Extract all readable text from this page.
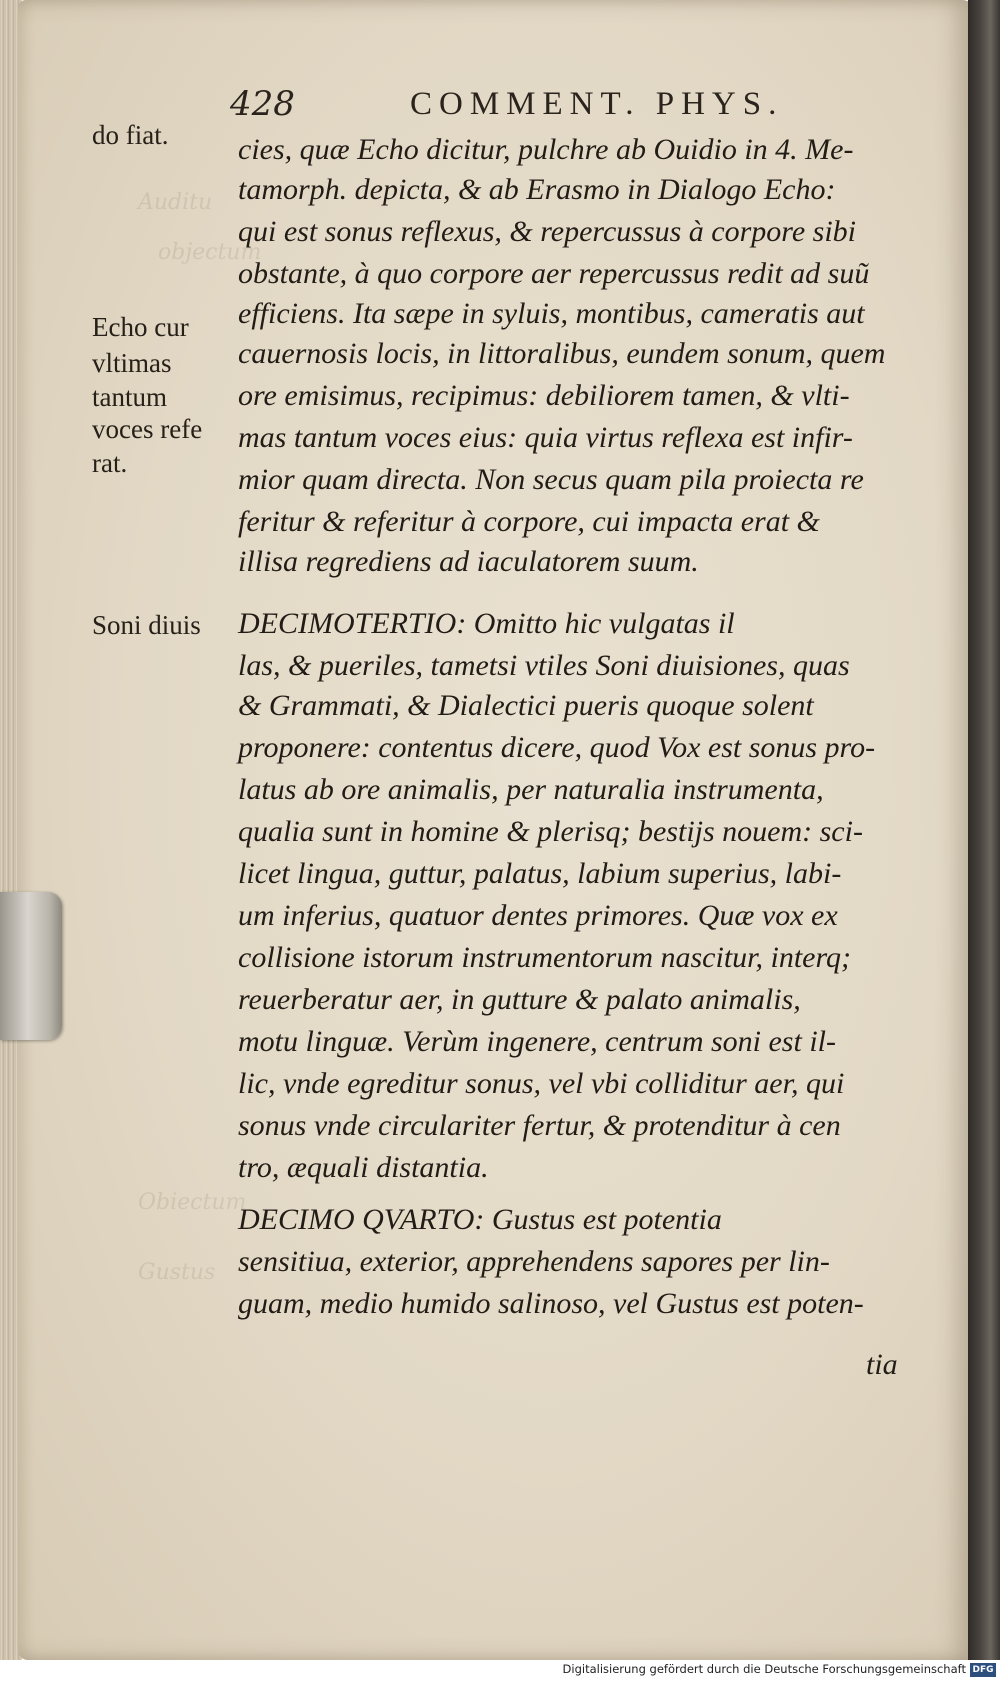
Auditu
objectum
Obiectum
Gustus
428	COMMENT. PHYS.
do fiat.
Echo cur
vltimas
tantum
voces refe
rat.
Soni diuis
cies, quæ Echo dicitur, pulchre ab Ouidio in 4. Me-
tamorph. depicta, & ab Erasmo in Dialogo Echo:
qui est sonus reflexus, & repercussus à corpore sibi
obstante, à quo corpore aer repercussus redit ad suũ
efficiens. Ita sæpe in syluis, montibus, cameratis aut
cauernosis locis, in littoralibus, eundem sonum, quem
ore emisimus, recipimus: debiliorem tamen, & vlti-
mas tantum voces eius: quia virtus reflexa est infir-
mior quam directa. Non secus quam pila proiecta re
feritur & referitur à corpore, cui impacta erat &
illisa regrediens ad iaculatorem suum.
DECIMOTERTIO: Omitto hic vulgatas il
las, & pueriles, tametsi vtiles Soni diuisiones, quas
& Grammati, & Dialectici pueris quoque solent
proponere: contentus dicere, quod Vox est sonus pro-
latus ab ore animalis, per naturalia instrumenta,
qualia sunt in homine & plerisq; bestijs nouem: sci-
licet lingua, guttur, palatus, labium superius, labi-
um inferius, quatuor dentes primores. Quæ vox ex
collisione istorum instrumentorum nascitur, interq;
reuerberatur aer, in gutture & palato animalis,
motu linguæ. Verùm ingenere, centrum soni est il-
lic, vnde egreditur sonus, vel vbi colliditur aer, qui
sonus vnde circulariter fertur, & protenditur à cen
tro, æquali distantia.
DECIMO QVARTO: Gustus est potentia
sensitiua, exterior, apprehendens sapores per lin-
guam, medio humido salinoso, vel Gustus est poten-
tia
Digitalisierung gefördert durch die Deutsche Forschungsgemeinschaft DFG
